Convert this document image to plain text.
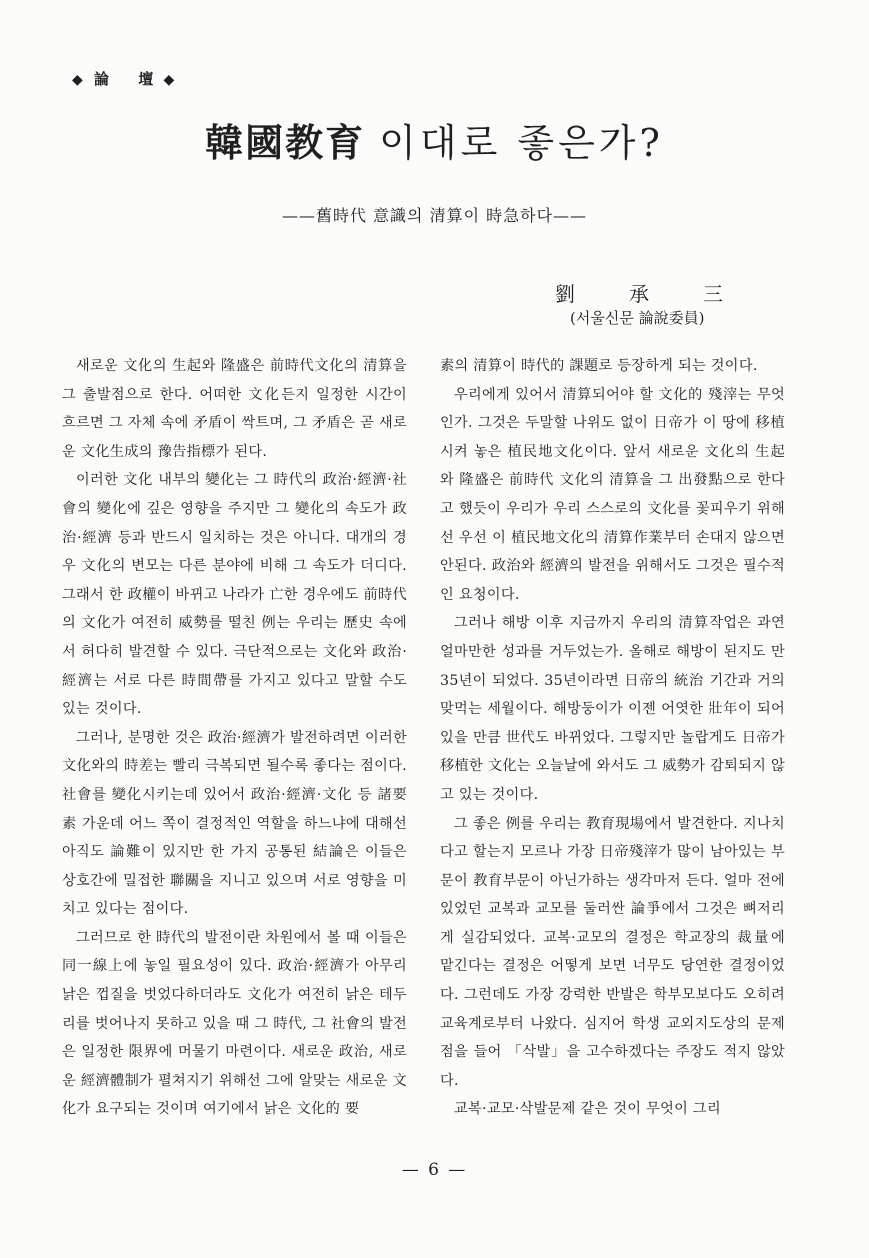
◆ 論 壇 ◆
韓國教育 이대로 좋은가?
——舊時代 意識의 清算이 時急하다——
劉承三
(서울신문 論說委員)

새로운 文化의 生起와 隆盛은 前時代文化의 清算을 그 출발점으로 한다. 어떠한 文化든지 일정한 시간이 흐르면 그 자체 속에 矛盾이 싹트며, 그 矛盾은 곧 새로운 文化生成의 豫告指標가 된다.

이러한 文化 내부의 變化는 그 時代의 政治·經濟·社會의 變化에 깊은 영향을 주지만 그 變化의 속도가 政治·經濟 등과 반드시 일치하는 것은 아니다. 대개의 경우 文化의 변모는 다른 분야에 비해 그 속도가 더디다. 그래서 한 政權이 바뀌고 나라가 亡한 경우에도 前時代의 文化가 여전히 威勢를 떨친 例는 우리는 歷史 속에서 허다히 발견할 수 있다. 극단적으로는 文化와 政治·經濟는 서로 다른 時間帶를 가지고 있다고 말할 수도 있는 것이다.

그러나, 분명한 것은 政治·經濟가 발전하려면 이러한 文化와의 時差는 빨리 극복되면 될수록 좋다는 점이다. 社會를 變化시키는데 있어서 政治·經濟·文化 등 諸要素 가운데 어느 쪽이 결정적인 역할을 하느냐에 대해선 아직도 論難이 있지만 한 가지 공통된 結論은 이들은 상호간에 밀접한 聯關을 지니고 있으며 서로 영향을 미치고 있다는 점이다.

그러므로 한 時代의 발전이란 차원에서 볼 때 이들은 同一線上에 놓일 필요성이 있다. 政治·經濟가 아무리 낡은 껍질을 벗었다하더라도 文化가 여전히 낡은 테두리를 벗어나지 못하고 있을 때 그 時代, 그 社會의 발전은 일정한 限界에 머물기 마련이다. 새로운 政治, 새로운 經濟體制가 펼쳐지기 위해선 그에 알맞는 새로운 文化가 요구되는 것이며 여기에서 낡은 文化的 要

素의 清算이 時代的 課題로 등장하게 되는 것이다.

우리에게 있어서 清算되어야 할 文化的 殘滓는 무엇인가. 그것은 두말할 나위도 없이 日帝가 이 땅에 移植시켜 놓은 植民地文化이다. 앞서 새로운 文化의 生起와 隆盛은 前時代 文化의 清算을 그 出發點으로 한다고 했듯이 우리가 우리 스스로의 文化를 꽃피우기 위해선 우선 이 植民地文化의 清算作業부터 손대지 않으면 안된다. 政治와 經濟의 발전을 위해서도 그것은 필수적인 요청이다.

그러나 해방 이후 지금까지 우리의 清算작업은 과연 얼마만한 성과를 거두었는가. 올해로 해방이 된지도 만 35년이 되었다. 35년이라면 日帝의 統治 기간과 거의 맞먹는 세월이다. 해방둥이가 이젠 어엿한 壯年이 되어 있을 만큼 世代도 바뀌었다. 그렇지만 놀랍게도 日帝가 移植한 文化는 오늘날에 와서도 그 威勢가 감퇴되지 않고 있는 것이다.

그 좋은 例를 우리는 教育現場에서 발견한다. 지나치다고 할는지 모르나 가장 日帝殘滓가 많이 남아있는 부문이 教育부문이 아닌가하는 생각마저 든다. 얼마 전에 있었던 교복과 교모를 둘러싼 論爭에서 그것은 뼈저리게 실감되었다. 교복·교모의 결정은 학교장의 裁量에 맡긴다는 결정은 어떻게 보면 너무도 당연한 결정이었다. 그런데도 가장 강력한 반발은 학부모보다도 오히려 교육계로부터 나왔다. 심지어 학생 교외지도상의 문제점을 들어 「삭발」을 고수하겠다는 주장도 적지 않았다.

교복·교모·삭발문제 같은 것이 무엇이 그리

— 6 —
